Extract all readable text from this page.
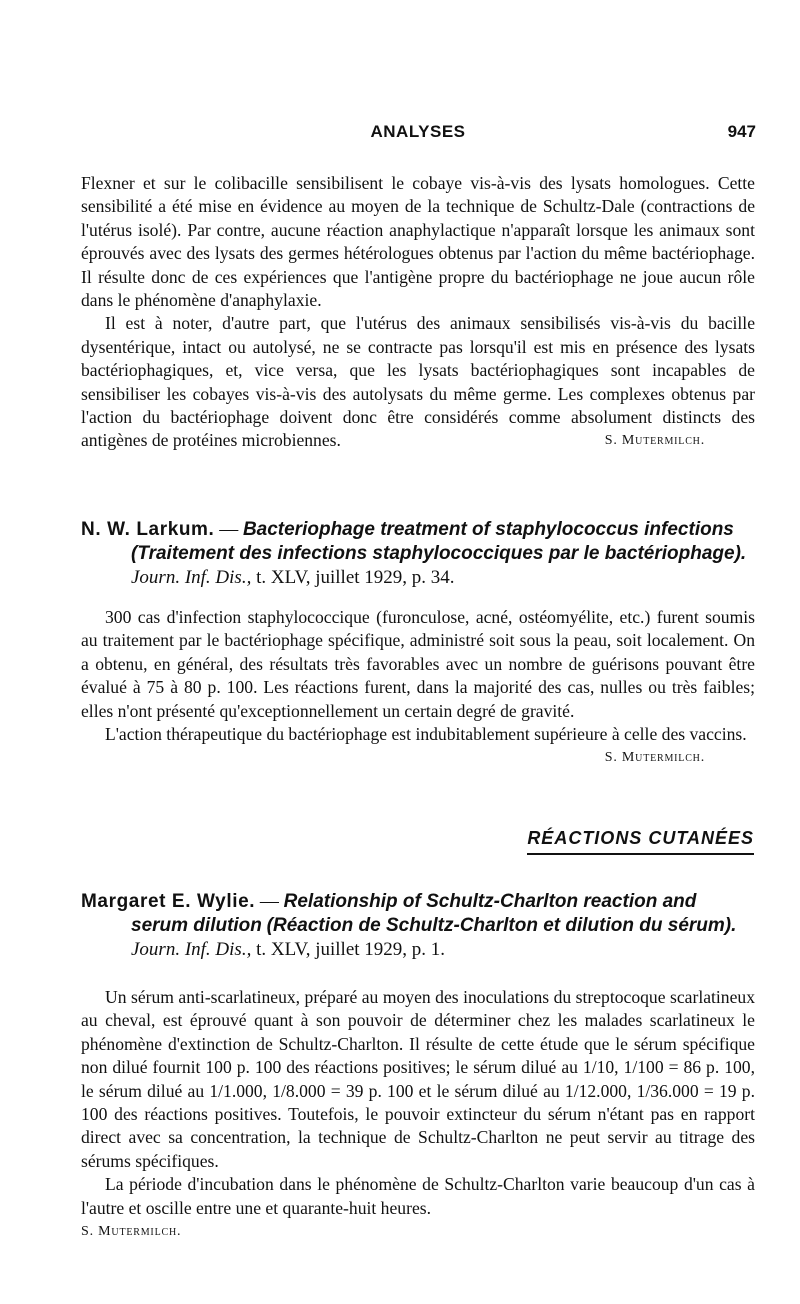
ANALYSES	947

Flexner et sur le colibacille sensibilisent le cobaye vis-à-vis des lysats homologues. Cette sensibilité a été mise en évidence au moyen de la technique de Schultz-Dale (contractions de l'utérus isolé). Par contre, aucune réaction anaphylactique n'apparaît lorsque les animaux sont éprouvés avec des lysats des germes hétérologues obtenus par l'action du même bactériophage. Il résulte donc de ces expériences que l'antigène propre du bactériophage ne joue aucun rôle dans le phénomène d'anaphylaxie.

Il est à noter, d'autre part, que l'utérus des animaux sensibilisés vis-à-vis du bacille dysentérique, intact ou autolysé, ne se contracte pas lorsqu'il est mis en présence des lysats bactériophagiques, et, vice versa, que les lysats bactériophagiques sont incapables de sensibiliser les cobayes vis-à-vis des autolysats du même germe. Les complexes obtenus par l'action du bactériophage doivent donc être considérés comme absolument distincts des antigènes de protéines microbiennes.	S. Mutermilch.

N. W. Larkum. — Bacteriophage treatment of staphylococcus infections (Traitement des infections staphylococciques par le bactériophage). Journ. Inf. Dis., t. XLV, juillet 1929, p. 34.

300 cas d'infection staphylococcique (furonculose, acné, ostéomyélite, etc.) furent soumis au traitement par le bactériophage spécifique, administré soit sous la peau, soit localement. On a obtenu, en général, des résultats très favorables avec un nombre de guérisons pouvant être évalué à 75 à 80 p. 100. Les réactions furent, dans la majorité des cas, nulles ou très faibles; elles n'ont présenté qu'exceptionnellement un certain degré de gravité.

L'action thérapeutique du bactériophage est indubitablement supérieure à celle des vaccins.
S. Mutermilch.

RÉACTIONS CUTANÉES
Margaret E. Wylie. — Relationship of Schultz-Charlton reaction and serum dilution (Réaction de Schultz-Charlton et dilution du sérum). Journ. Inf. Dis., t. XLV, juillet 1929, p. 1.

Un sérum anti-scarlatineux, préparé au moyen des inoculations du streptocoque scarlatineux au cheval, est éprouvé quant à son pouvoir de déterminer chez les malades scarlatineux le phénomène d'extinction de Schultz-Charlton. Il résulte de cette étude que le sérum spécifique non dilué fournit 100 p. 100 des réactions positives; le sérum dilué au 1/10, 1/100 = 86 p. 100, le sérum dilué au 1/1.000, 1/8.000 = 39 p. 100 et le sérum dilué au 1/12.000, 1/36.000 = 19 p. 100 des réactions positives. Toutefois, le pouvoir extincteur du sérum n'étant pas en rapport direct avec sa concentration, la technique de Schultz-Charlton ne peut servir au titrage des sérums spécifiques.

La période d'incubation dans le phénomène de Schultz-Charlton varie beaucoup d'un cas à l'autre et oscille entre une et quarante-huit heures.

S. Mutermilch.
